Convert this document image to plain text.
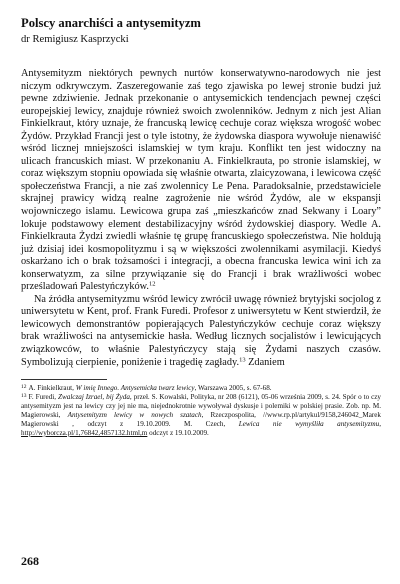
Polscy anarchiści a antysemityzm
dr Remigiusz Kasprzycki

Antysemityzm niektórych pewnych nurtów konserwatywno-narodowych nie jest niczym odkrywczym. Zaszeregowanie zaś tego zjawiska po lewej stronie budzi już pewne zdziwienie. Jednak przekonanie o antysemickich tendencjach pewnej części europejskiej lewicy, znajduje również swoich zwolenników. Jednym z nich jest Alian Finkielkraut, który uznaje, że francuską lewicę cechuje coraz większa wrogość wobec Żydów. Przykład Francji jest o tyle istotny, że żydowska diaspora wywołuje nienawiść wśród licznej mniejszości islamskiej w tym kraju. Konflikt ten jest widoczny na ulicach francuskich miast. W przekonaniu A. Finkielkrauta, po stronie islamskiej, w coraz większym stopniu opowiada się właśnie otwarta, zlaicyzowana, i lewicowa część społeczeństwa Francji, a nie zaś zwolennicy Le Pena. Paradoksalnie, przedstawiciele skrajnej prawicy widzą realne zagrożenie nie wśród Żydów, ale w ekspansji wojowniczego islamu. Lewicowa grupa zaś „mieszkańców znad Sekwany i Loary” lokuje podstawowy element destabilizacyjny wśród żydowskiej diaspory. Wedle A. Finkielkrauta Żydzi zwiedli właśnie tę grupę francuskiego społeczeństwa. Nie holdują już dzisiaj idei kosmopolityzmu i są w większości zwolennikami asymilacji. Kiedyś oskarżano ich o brak tożsamości i integracji, a obecna francuska lewica wini ich za konserwatyzm, za silne przywiązanie się do Francji i brak wrażliwości wobec prześladowań Palestyńczyków.$^{12}$

Na źródła antysemityzmu wśród lewicy zwrócił uwagę również brytyjski socjolog z uniwersytetu w Kent, prof. Frank Furedi. Profesor z uniwersytetu w Kent stwierdził, że lewicowych demonstrantów popierających Palestyńczyków cechuje coraz większy brak wrażliwości na antysemickie hasła. Według licznych socjalistów i lewicujących związkowców, to właśnie Palestyńczycy stają się Żydami naszych czasów. Symbolizują cierpienie, poniżenie i tragedię zagłady.$^{13}$ Zdaniem

$^{12}$ A. Finkielkraut, W imię Innego. Antysemicka twarz lewicy, Warszawa 2005, s. 67-68.

$^{13}$ F. Furedi, Zwalczaj Izrael, bij Żyda, przeł. S. Kowalski, Polityka, nr 208 (6121), 05-06 września 2009, s. 24. Spór o to czy antysemityzm jest na lewicy czy jej nie ma, niejednokrotnie wywoływał dyskusje i polemiki w polskiej prasie. Zob. np. M. Magierowski, Antysemityzm lewicy w nowych szatach, Rzeczpospolita, //www.rp.pl/artykul/9158,246042_Marek Magierowski , odczyt z 19.10.2009. M. Czech, Lewica nie wymyśliła antysemityzmu, http://wyborcza.pl/1,76842,4857132.html,m odczyt z 19.10.2009.

268
